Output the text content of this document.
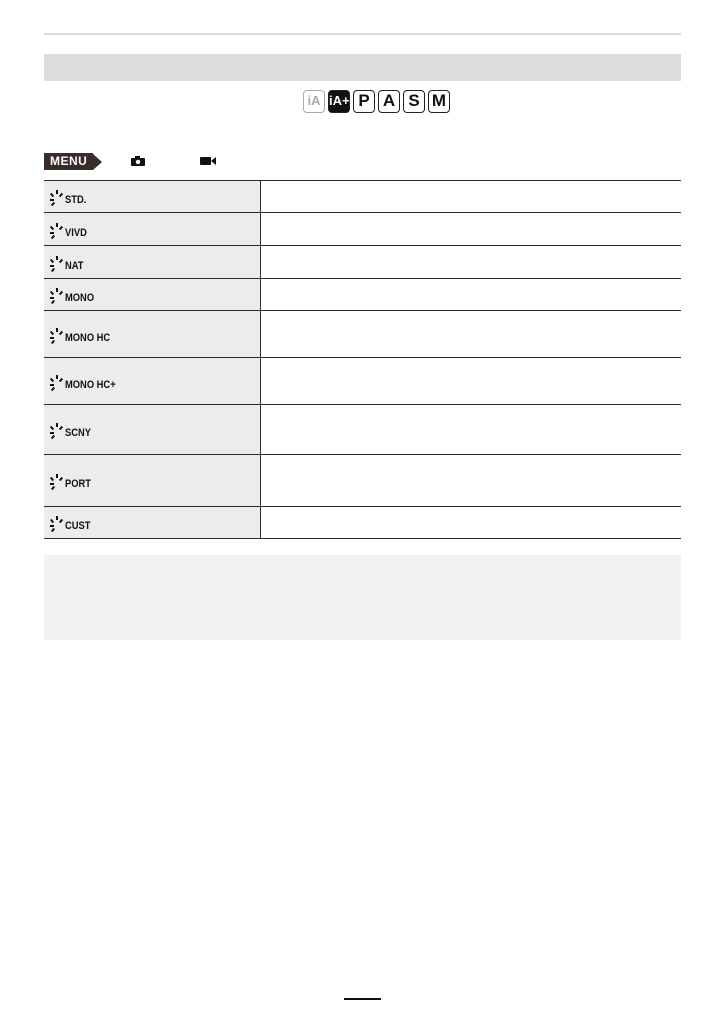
iA iA+ P A S M
MENU
STD.	

VIVD	

NAT	

MONO	

MONO HC	

MONO HC+	

SCNY	

PORT	

CUST	
